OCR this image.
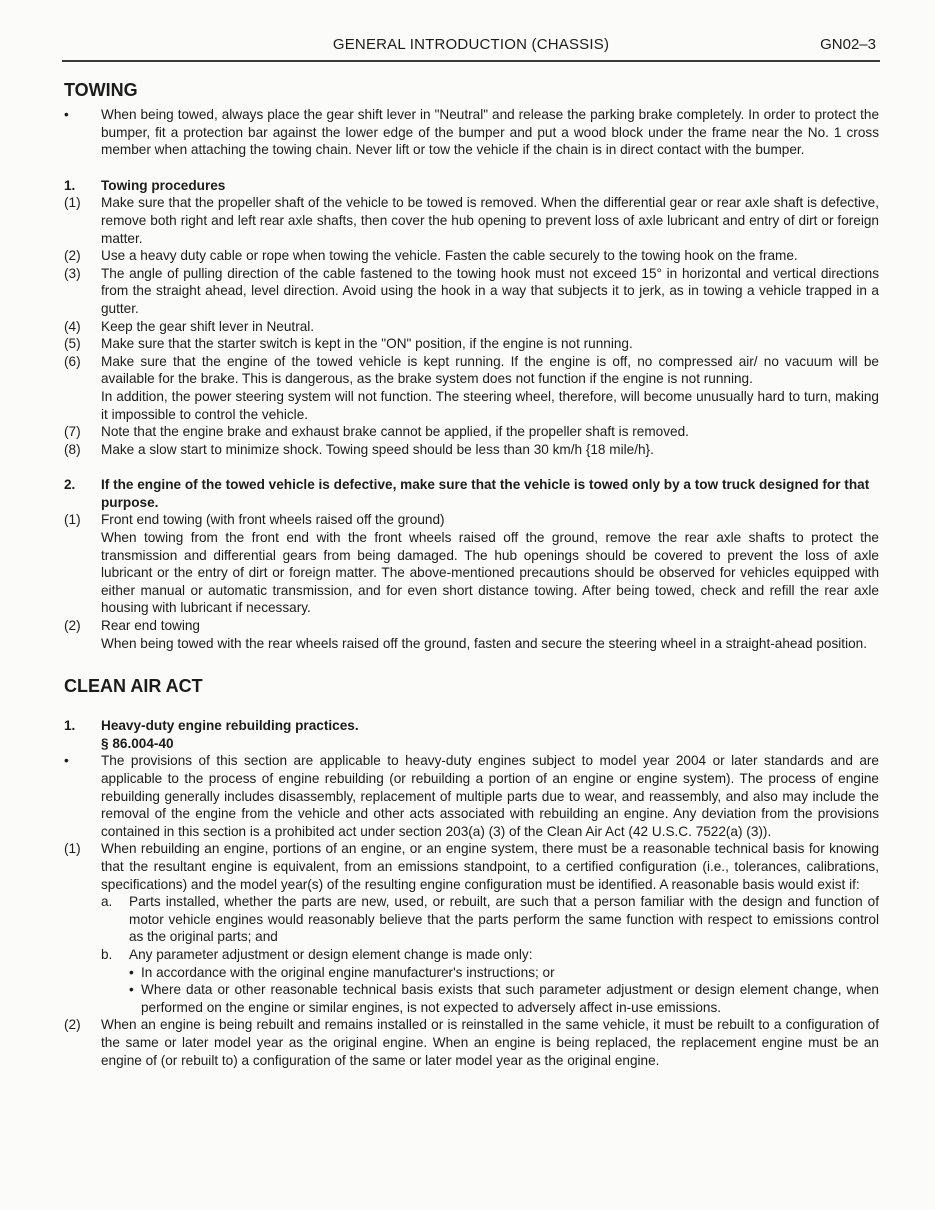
GENERAL INTRODUCTION (CHASSIS)	GN02–3
TOWING
•	When being towed, always place the gear shift lever in "Neutral" and release the parking brake completely. In order to protect the bumper, fit a protection bar against the lower edge of the bumper and put a wood block under the frame near the No. 1 cross member when attaching the towing chain. Never lift or tow the vehicle if the chain is in direct contact with the bumper.
1.	Towing procedures
(1)	Make sure that the propeller shaft of the vehicle to be towed is removed. When the differential gear or rear axle shaft is defective, remove both right and left rear axle shafts, then cover the hub opening to prevent loss of axle lubricant and entry of dirt or foreign matter.
(2)	Use a heavy duty cable or rope when towing the vehicle. Fasten the cable securely to the towing hook on the frame.
(3)	The angle of pulling direction of the cable fastened to the towing hook must not exceed 15° in horizontal and vertical directions from the straight ahead, level direction. Avoid using the hook in a way that subjects it to jerk, as in towing a vehicle trapped in a gutter.
(4)	Keep the gear shift lever in Neutral.
(5)	Make sure that the starter switch is kept in the "ON" position, if the engine is not running.
(6)	Make sure that the engine of the towed vehicle is kept running. If the engine is off, no compressed air/ no vacuum will be available for the brake. This is dangerous, as the brake system does not function if the engine is not running.
In addition, the power steering system will not function. The steering wheel, therefore, will become unusually hard to turn, making it impossible to control the vehicle.
(7)	Note that the engine brake and exhaust brake cannot be applied, if the propeller shaft is removed.
(8)	Make a slow start to minimize shock. Towing speed should be less than 30 km/h {18 mile/h}.
2.	If the engine of the towed vehicle is defective, make sure that the vehicle is towed only by a tow truck designed for that purpose.
(1)	Front end towing (with front wheels raised off the ground)
When towing from the front end with the front wheels raised off the ground, remove the rear axle shafts to protect the transmission and differential gears from being damaged. The hub openings should be covered to prevent the loss of axle lubricant or the entry of dirt or foreign matter. The above-mentioned precautions should be observed for vehicles equipped with either manual or automatic transmission, and for even short distance towing. After being towed, check and refill the rear axle housing with lubricant if necessary.
(2)	Rear end towing
When being towed with the rear wheels raised off the ground, fasten and secure the steering wheel in a straight-ahead position.
CLEAN AIR ACT
1.	Heavy-duty engine rebuilding practices.
§ 86.004-40
•	The provisions of this section are applicable to heavy-duty engines subject to model year 2004 or later standards and are applicable to the process of engine rebuilding (or rebuilding a portion of an engine or engine system). The process of engine rebuilding generally includes disassembly, replacement of multiple parts due to wear, and reassembly, and also may include the removal of the engine from the vehicle and other acts associated with rebuilding an engine. Any deviation from the provisions contained in this section is a prohibited act under section 203(a) (3) of the Clean Air Act (42 U.S.C. 7522(a) (3)).
(1)	When rebuilding an engine, portions of an engine, or an engine system, there must be a reasonable technical basis for knowing that the resultant engine is equivalent, from an emissions standpoint, to a certified configuration (i.e., tolerances, calibrations, specifications) and the model year(s) of the resulting engine configuration must be identified. A reasonable basis would exist if:
a.	Parts installed, whether the parts are new, used, or rebuilt, are such that a person familiar with the design and function of motor vehicle engines would reasonably believe that the parts perform the same function with respect to emissions control as the original parts; and
b.	Any parameter adjustment or design element change is made only:
• In accordance with the original engine manufacturer's instructions; or
• Where data or other reasonable technical basis exists that such parameter adjustment or design element change, when performed on the engine or similar engines, is not expected to adversely affect in-use emissions.
(2)	When an engine is being rebuilt and remains installed or is reinstalled in the same vehicle, it must be rebuilt to a configuration of the same or later model year as the original engine. When an engine is being replaced, the replacement engine must be an engine of (or rebuilt to) a configuration of the same or later model year as the original engine.
